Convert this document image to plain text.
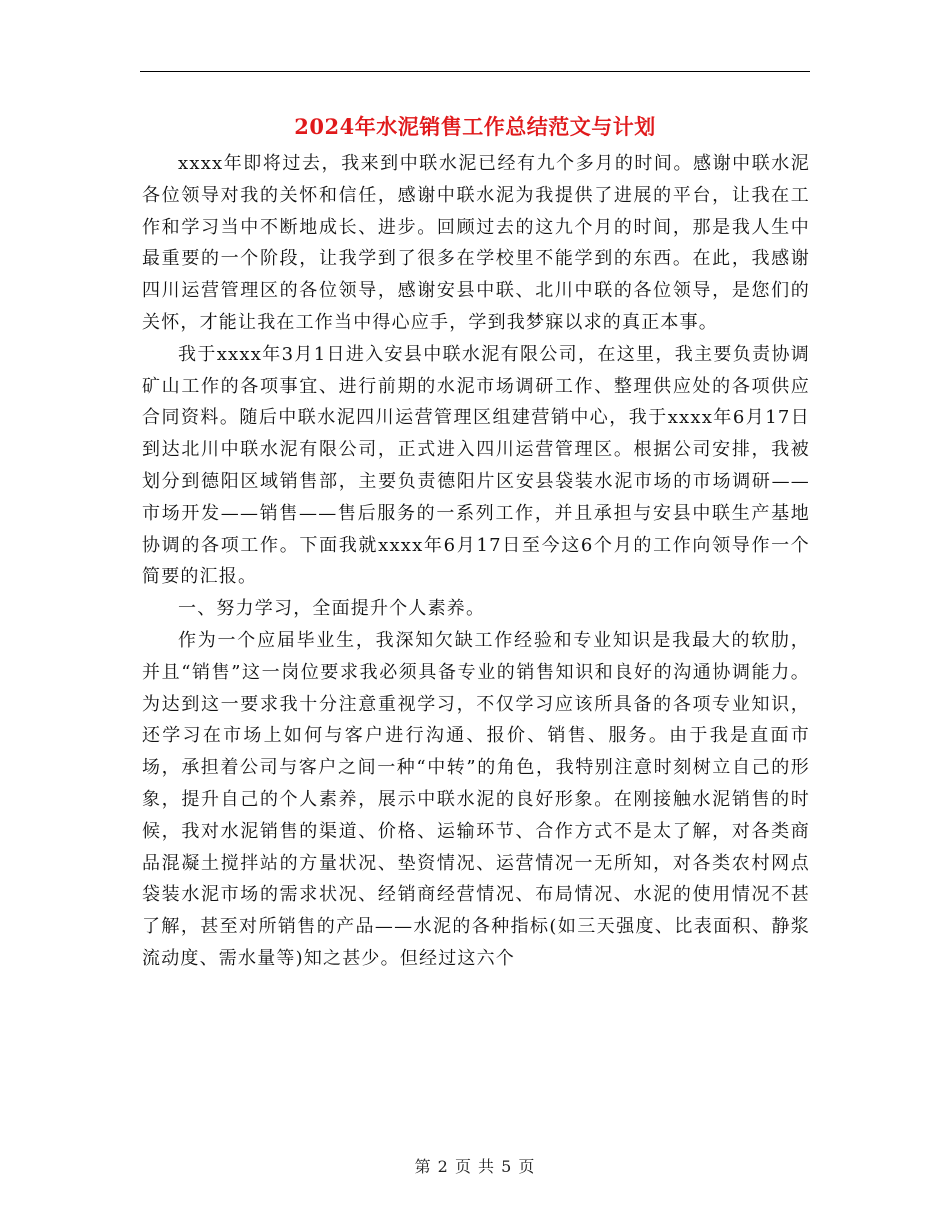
2024年水泥销售工作总结范文与计划

xxxx年即将过去，我来到中联水泥已经有九个多月的时间。感谢中联水泥各位领导对我的关怀和信任，感谢中联水泥为我提供了进展的平台，让我在工作和学习当中不断地成长、进步。回顾过去的这九个月的时间，那是我人生中最重要的一个阶段，让我学到了很多在学校里不能学到的东西。在此，我感谢四川运营管理区的各位领导，感谢安县中联、北川中联的各位领导，是您们的关怀，才能让我在工作当中得心应手，学到我梦寐以求的真正本事。

我于xxxx年3月1日进入安县中联水泥有限公司，在这里，我主要负责协调矿山工作的各项事宜、进行前期的水泥市场调研工作、整理供应处的各项供应合同资料。随后中联水泥四川运营管理区组建营销中心，我于xxxx年6月17日到达北川中联水泥有限公司，正式进入四川运营管理区。根据公司安排，我被划分到德阳区域销售部，主要负责德阳片区安县袋装水泥市场的市场调研——市场开发——销售——售后服务的一系列工作，并且承担与安县中联生产基地协调的各项工作。下面我就xxxx年6月17日至今这6个月的工作向领导作一个简要的汇报。

一、努力学习，全面提升个人素养。

作为一个应届毕业生，我深知欠缺工作经验和专业知识是我最大的软肋，并且“销售”这一岗位要求我必须具备专业的销售知识和良好的沟通协调能力。为达到这一要求我十分注意重视学习，不仅学习应该所具备的各项专业知识，还学习在市场上如何与客户进行沟通、报价、销售、服务。由于我是直面市场，承担着公司与客户之间一种“中转”的角色，我特别注意时刻树立自己的形象，提升自己的个人素养，展示中联水泥的良好形象。在刚接触水泥销售的时候，我对水泥销售的渠道、价格、运输环节、合作方式不是太了解，对各类商品混凝土搅拌站的方量状况、垫资情况、运营情况一无所知，对各类农村网点袋装水泥市场的需求状况、经销商经营情况、布局情况、水泥的使用情况不甚了解，甚至对所销售的产品——水泥的各种指标(如三天强度、比表面积、静浆流动度、需水量等)知之甚少。但经过这六个

第 2 页 共 5 页
